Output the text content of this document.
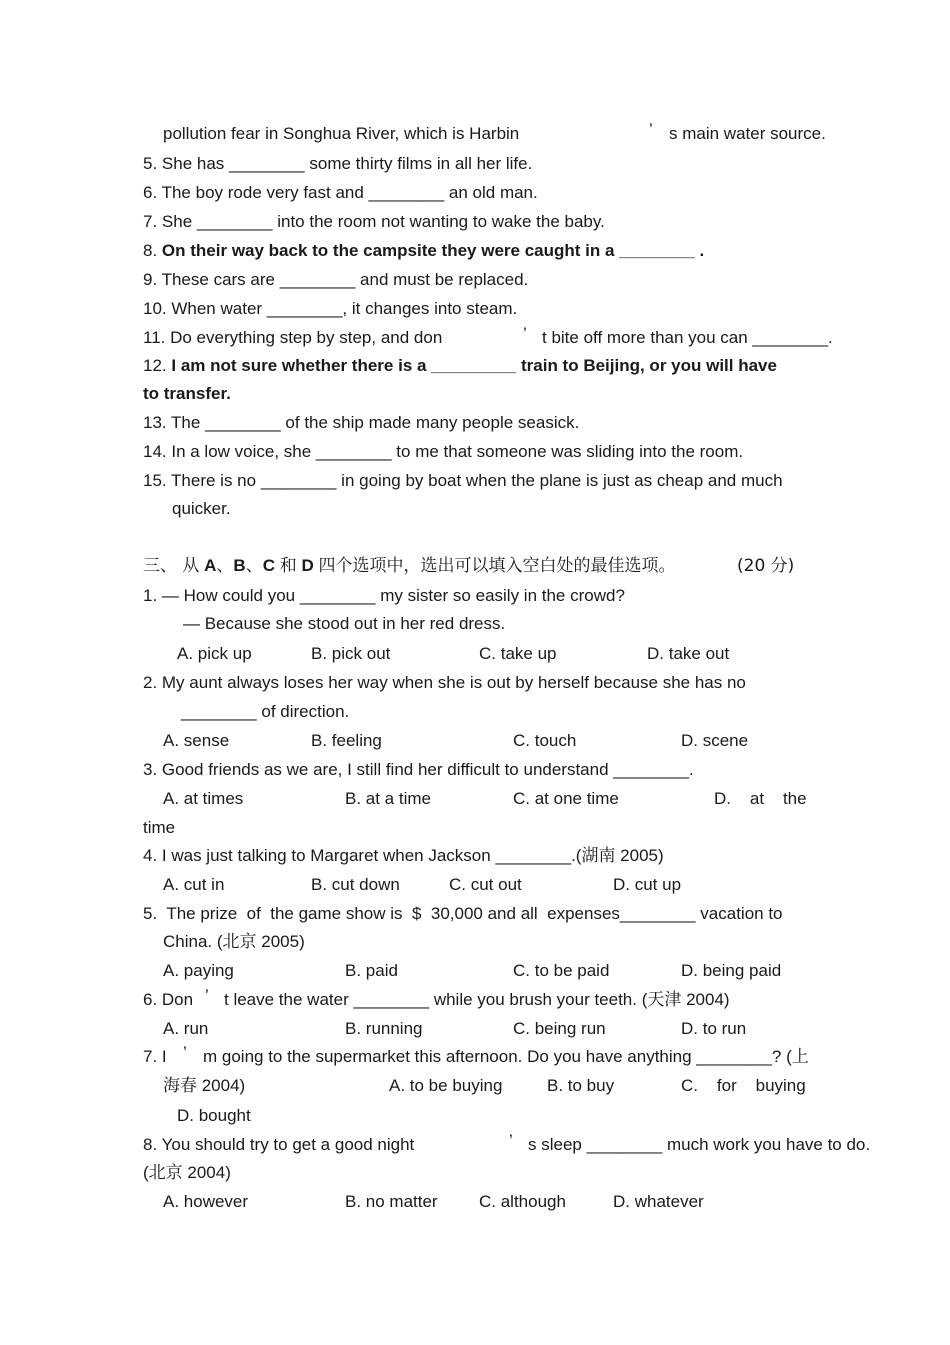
pollution fear in Songhua River, which is Harbin	’ s main water source.
5. She has ________ some thirty films in all her life.
6. The boy rode very fast and ________ an old man.
7. She ________ into the room not wanting to wake the baby.
8. On their way back to the campsite they were caught in a ________ .
9. These cars are ________ and must be replaced.
10. When water ________, it changes into steam.
11. Do everything step by step, and don	’ t bite off more than you can ________.
12. I am not sure whether there is a _________ train to Beijing, or you will have
to transfer.
13. The ________ of the ship made many people seasick.
14. In a low voice, she ________ to me that someone was sliding into the room.
15. There is no ________ in going by boat when the plane is just as cheap and much
quicker.
三、 从 A、B、C 和 D 四个选项中，选出可以填入空白处的最佳选项。	(20 分)
1. — How could you ________ my sister so easily in the crowd?
— Because she stood out in her red dress.
A. pick up	B. pick out	C. take up	D. take out
2. My aunt always loses her way when she is out by herself because she has no
________ of direction.
A. sense	B. feeling	C. touch	D. scene
3. Good friends as we are, I still find her difficult to understand ________.
A. at times	B. at a time	C. at one time	D.    at    the
time
4. I was just talking to Margaret when Jackson ________.(湖南 2005)
A. cut in	B. cut down	C. cut out	D. cut up
5.  The prize  of  the game show is  $  30,000 and all  expenses________ vacation to
China. (北京 2005)
A. paying	B. paid	C. to be paid	D. being paid
6. Don ’ t leave the water ________ while you brush your teeth. (天津 2004)
A. run	B. running	C. being run	D. to run
7. I ’ m going to the supermarket this afternoon. Do you have anything ________? (上
海春 2004)	A. to be buying	B. to buy	C.    for    buying
D. bought
8. You should try to get a good night	’ s sleep ________ much work you have to do.
(北京 2004)
A. however	B. no matter C. although	D. whatever
